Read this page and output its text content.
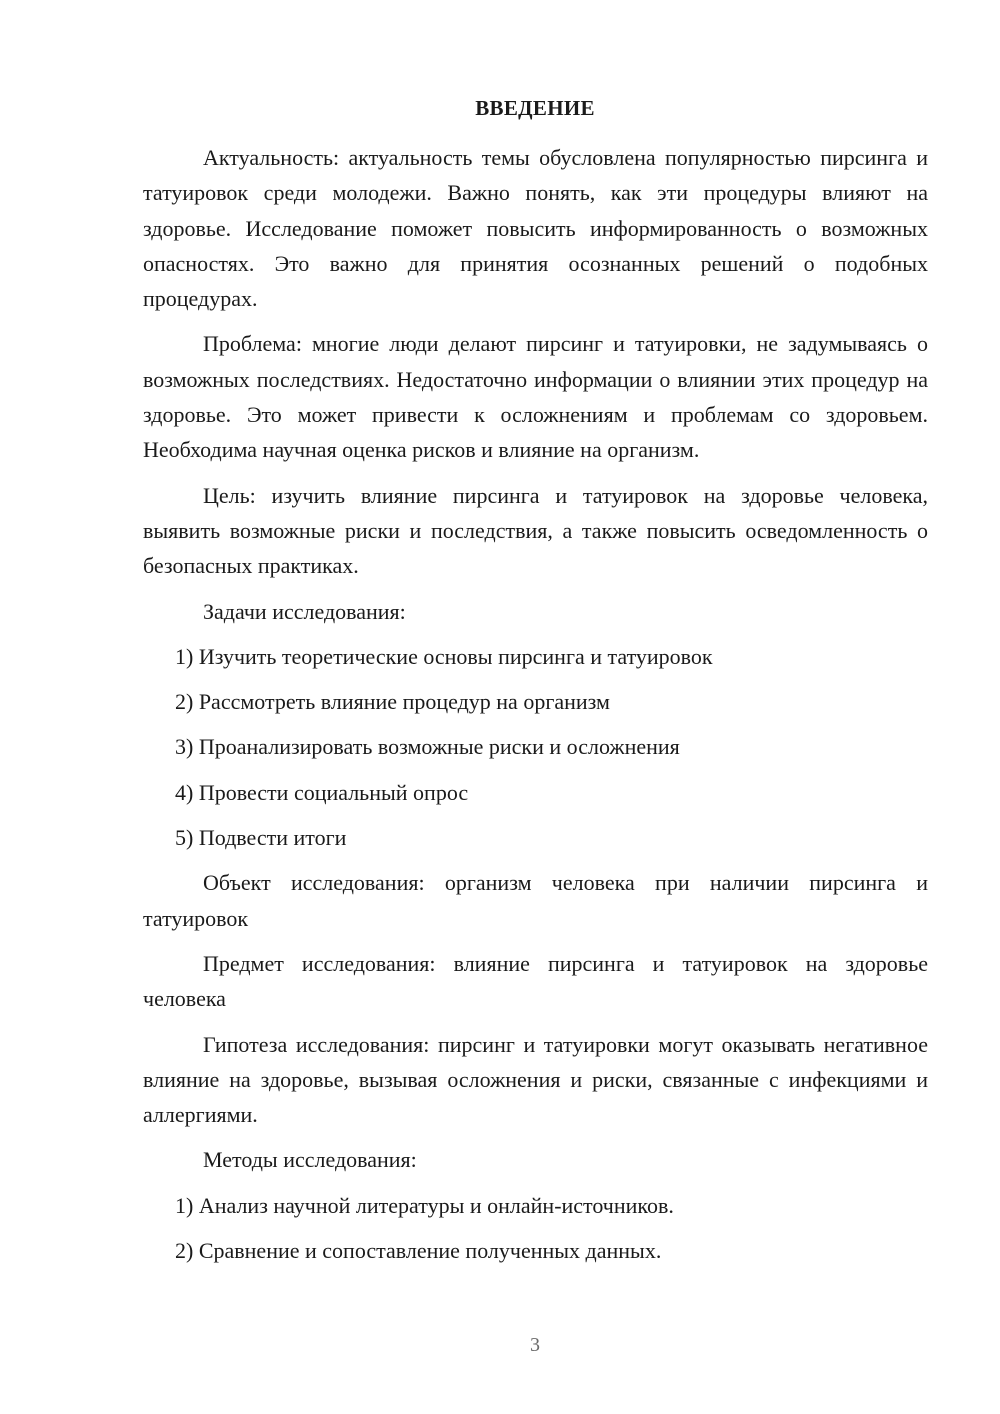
ВВЕДЕНИЕ

Актуальность: актуальность темы обусловлена популярностью пирсинга и татуировок среди молодежи. Важно понять, как эти процедуры влияют на здоровье. Исследование поможет повысить информированность о возможных опасностях. Это важно для принятия осознанных решений о подобных процедурах.

Проблема: многие люди делают пирсинг и татуировки, не задумываясь о возможных последствиях. Недостаточно информации о влиянии этих процедур на здоровье. Это может привести к осложнениям и проблемам со здоровьем. Необходима научная оценка рисков и влияние на организм.

Цель: изучить влияние пирсинга и татуировок на здоровье человека, выявить возможные риски и последствия, а также повысить осведомленность о безопасных практиках.

Задачи исследования:

1) Изучить теоретические основы пирсинга и татуировок

2) Рассмотреть влияние процедур на организм

3) Проанализировать возможные риски и осложнения

4) Провести социальный опрос

5) Подвести итоги

Объект исследования: организм человека при наличии пирсинга и татуировок

Предмет исследования: влияние пирсинга и татуировок на здоровье человека

Гипотеза исследования: пирсинг и татуировки могут оказывать негативное влияние на здоровье, вызывая осложнения и риски, связанные с инфекциями и аллергиями.

Методы исследования:

1) Анализ научной литературы и онлайн-источников.

2) Сравнение и сопоставление полученных данных.

3
